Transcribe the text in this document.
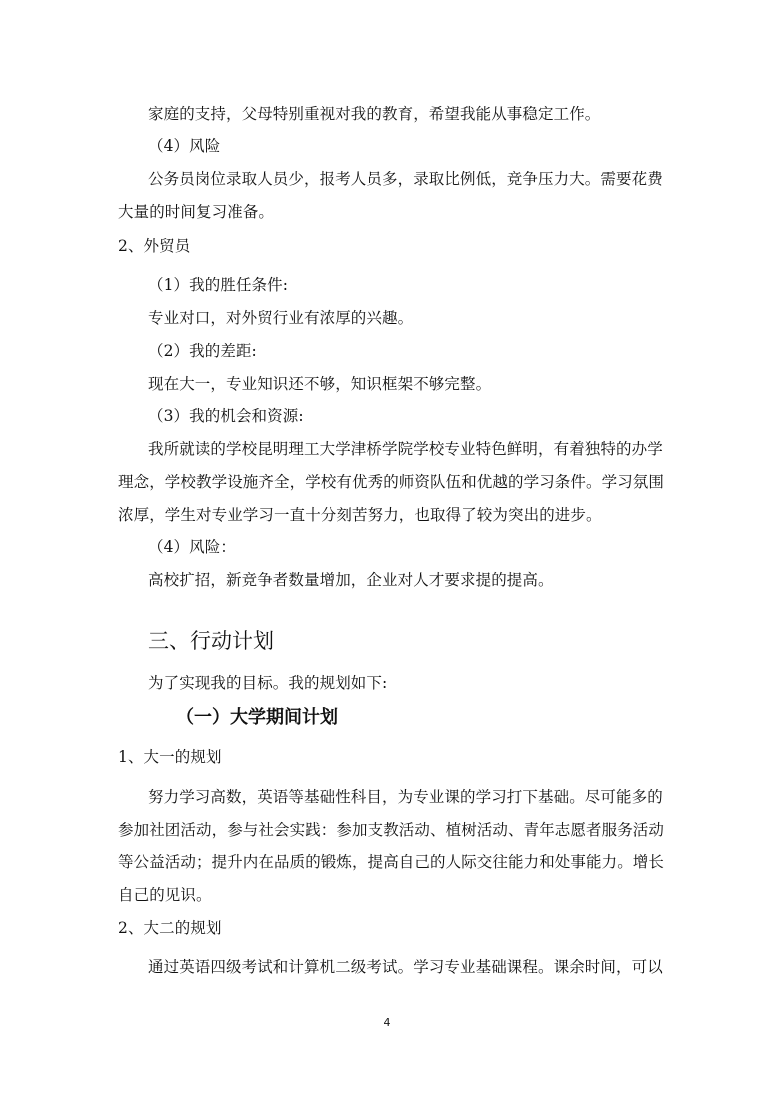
家庭的支持，父母特别重视对我的教育，希望我能从事稳定工作。
（4）风险
公务员岗位录取人员少，报考人员多，录取比例低，竞争压力大。需要花费
大量的时间复习准备。
2、外贸员
（1）我的胜任条件:
专业对口，对外贸行业有浓厚的兴趣。
（2）我的差距:
现在大一，专业知识还不够，知识框架不够完整。
（3）我的机会和资源:
我所就读的学校昆明理工大学津桥学院学校专业特色鲜明，有着独特的办学
理念，学校教学设施齐全，学校有优秀的师资队伍和优越的学习条件。学习氛围
浓厚，学生对专业学习一直十分刻苦努力，也取得了较为突出的进步。
（4）风险：
高校扩招，新竞争者数量增加，企业对人才要求提的提高。
三、行动计划
为了实现我的目标。我的规划如下:
（一）大学期间计划
1、大一的规划
努力学习高数，英语等基础性科目，为专业课的学习打下基础。尽可能多的
参加社团活动，参与社会实践：参加支教活动、植树活动、青年志愿者服务活动
等公益活动；提升内在品质的锻炼，提高自己的人际交往能力和处事能力。增长
自己的见识。
2、大二的规划
通过英语四级考试和计算机二级考试。学习专业基础课程。课余时间，可以
4
